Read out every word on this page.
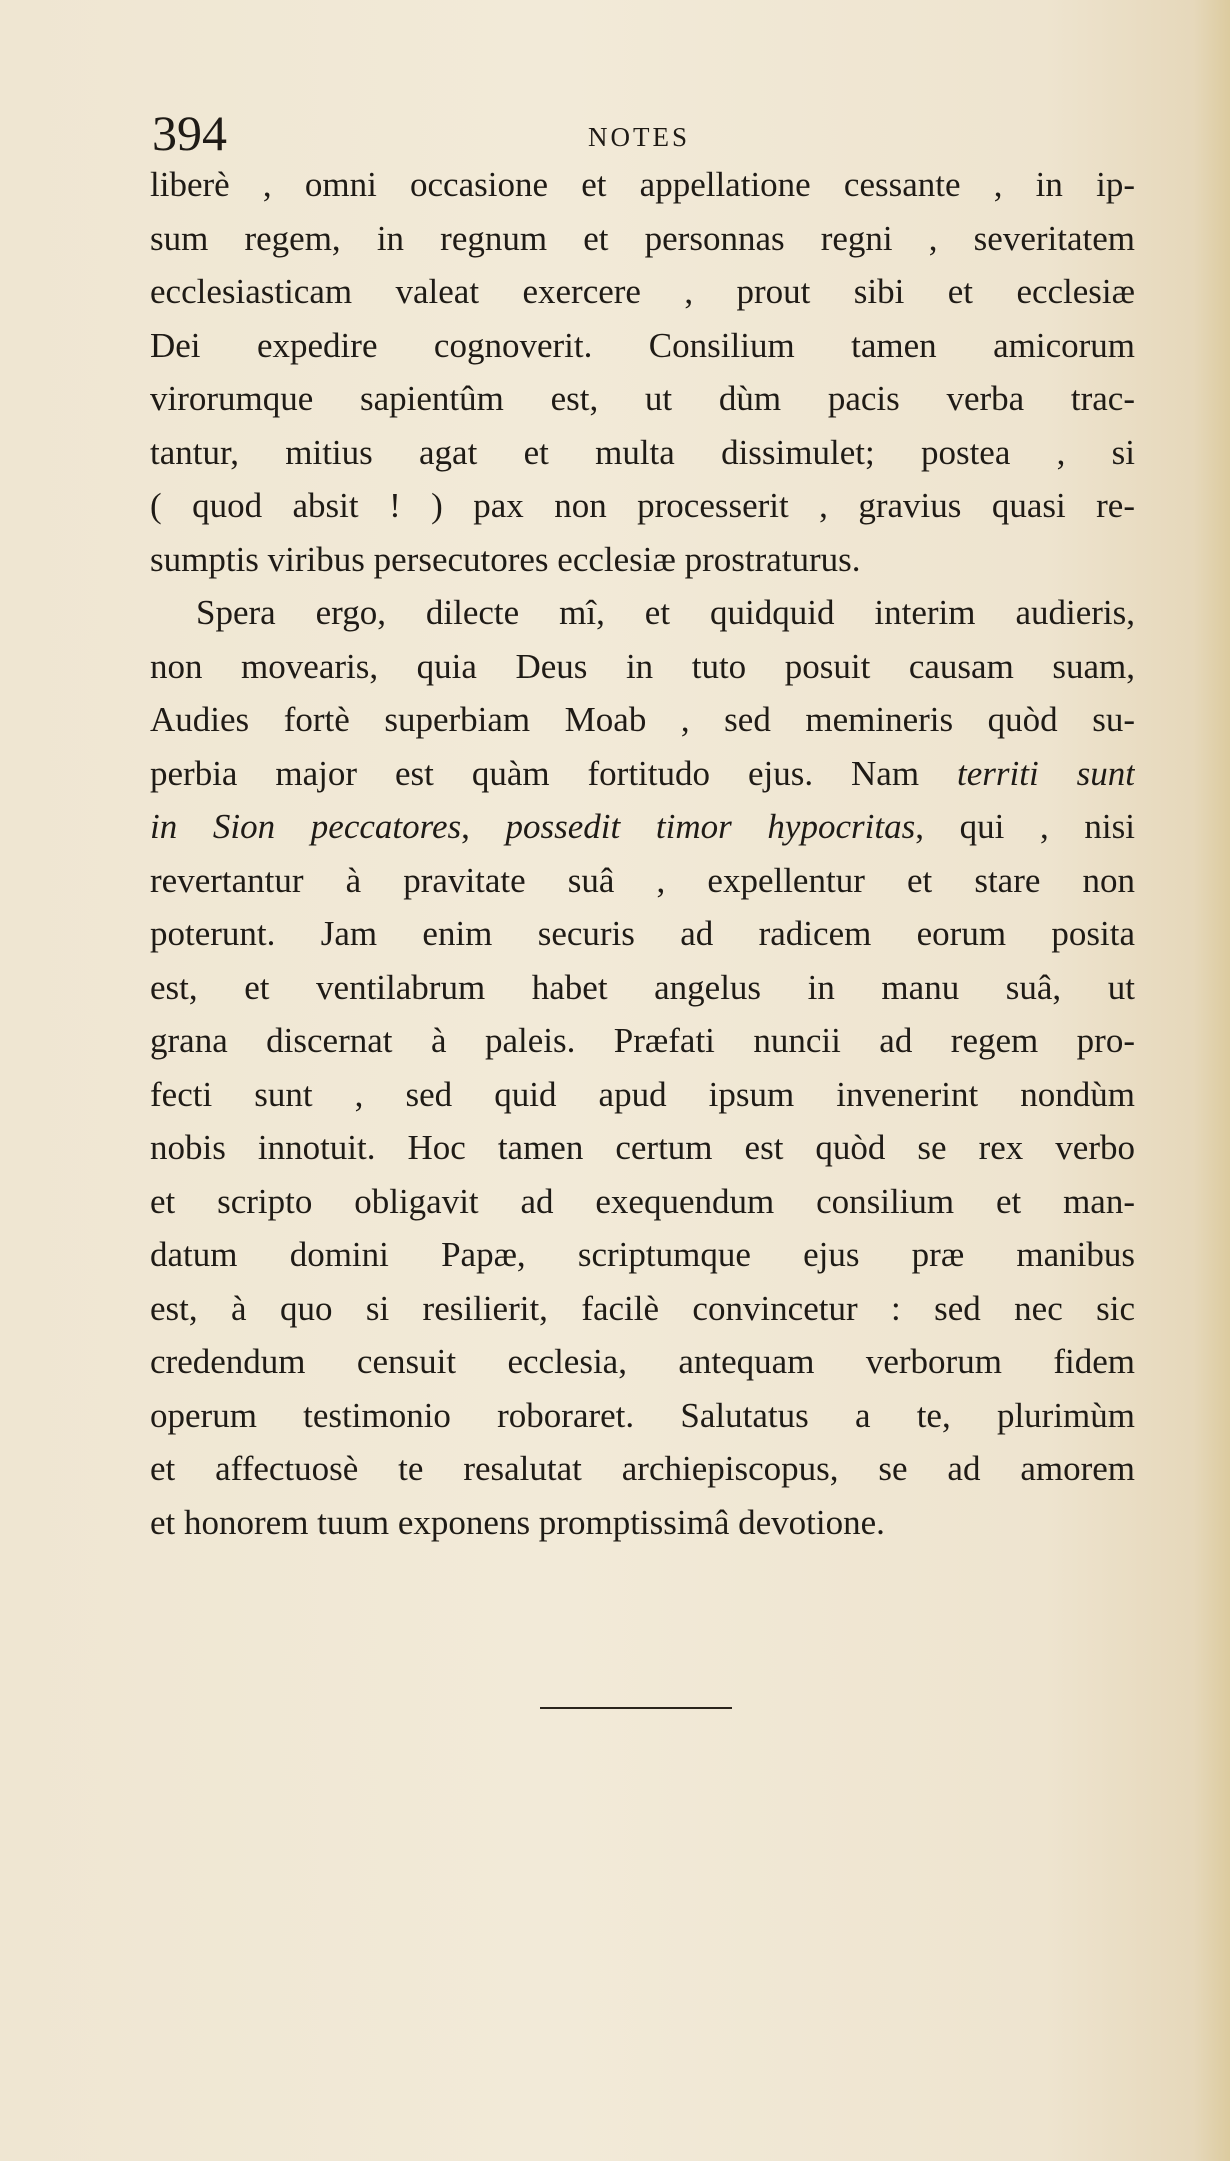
394	NOTES
liberè , omni occasione et appellatione cessante , in ip-
sum regem, in regnum et personnas regni , severitatem
ecclesiasticam valeat exercere , prout sibi et ecclesiæ
Dei expedire cognoverit. Consilium tamen amicorum
virorumque sapientûm est, ut dùm pacis verba trac-
tantur, mitius agat et multa dissimulet; postea , si
( quod absit ! ) pax non processerit , gravius quasi re-
sumptis viribus persecutores ecclesiæ prostraturus.
Spera ergo, dilecte mî, et quidquid interim audieris,
non movearis, quia Deus in tuto posuit causam suam,
Audies fortè superbiam Moab , sed memineris quòd su-
perbia major est quàm fortitudo ejus. Nam territi sunt
in Sion peccatores, possedit timor hypocritas, qui , nisi
revertantur à pravitate suâ , expellentur et stare non
poterunt. Jam enim securis ad radicem eorum posita
est, et ventilabrum habet angelus in manu suâ, ut
grana discernat à paleis. Præfati nuncii ad regem pro-
fecti sunt , sed quid apud ipsum invenerint nondùm
nobis innotuit. Hoc tamen certum est quòd se rex verbo
et scripto obligavit ad exequendum consilium et man-
datum domini Papæ, scriptumque ejus præ manibus
est, à quo si resilierit, facilè convincetur : sed nec sic
credendum censuit ecclesia, antequam verborum fidem
operum testimonio roboraret. Salutatus a te, plurimùm
et affectuosè te resalutat archiepiscopus, se ad amorem
et honorem tuum exponens promptissimâ devotione.
